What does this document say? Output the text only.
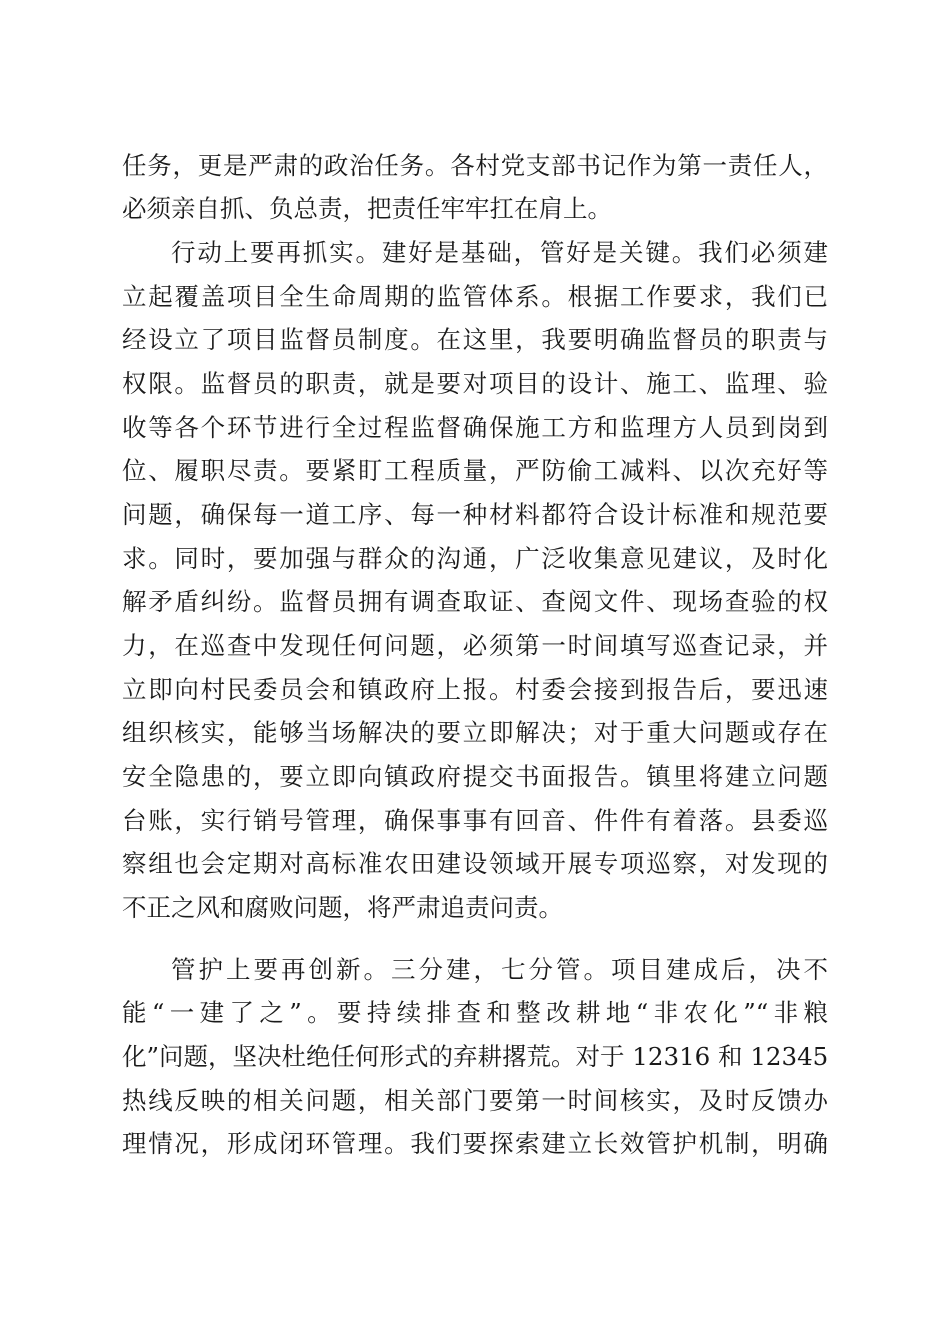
任务，更是严肃的政治任务。各村党支部书记作为第一责任人，
必须亲自抓、负总责，把责任牢牢扛在肩上。
行动上要再抓实。建好是基础，管好是关键。我们必须建
立起覆盖项目全生命周期的监管体系。根据工作要求，我们已
经设立了项目监督员制度。在这里，我要明确监督员的职责与
权限。监督员的职责，就是要对项目的设计、施工、监理、验
收等各个环节进行全过程监督确保施工方和监理方人员到岗到
位、履职尽责。要紧盯工程质量，严防偷工减料、以次充好等
问题，确保每一道工序、每一种材料都符合设计标准和规范要
求。同时，要加强与群众的沟通，广泛收集意见建议，及时化
解矛盾纠纷。监督员拥有调查取证、查阅文件、现场查验的权
力，在巡查中发现任何问题，必须第一时间填写巡查记录，并
立即向村民委员会和镇政府上报。村委会接到报告后，要迅速
组织核实，能够当场解决的要立即解决；对于重大问题或存在
安全隐患的，要立即向镇政府提交书面报告。镇里将建立问题
台账，实行销号管理，确保事事有回音、件件有着落。县委巡
察组也会定期对高标准农田建设领域开展专项巡察，对发现的
不正之风和腐败问题，将严肃追责问责。
管护上要再创新。三分建，七分管。项目建成后，决不
能“一建了之”。要持续排查和整改耕地“非农化”“非粮
化”问题，坚决杜绝任何形式的弃耕撂荒。对于 12316 和 12345
热线反映的相关问题，相关部门要第一时间核实，及时反馈办
理情况，形成闭环管理。我们要探索建立长效管护机制，明确
